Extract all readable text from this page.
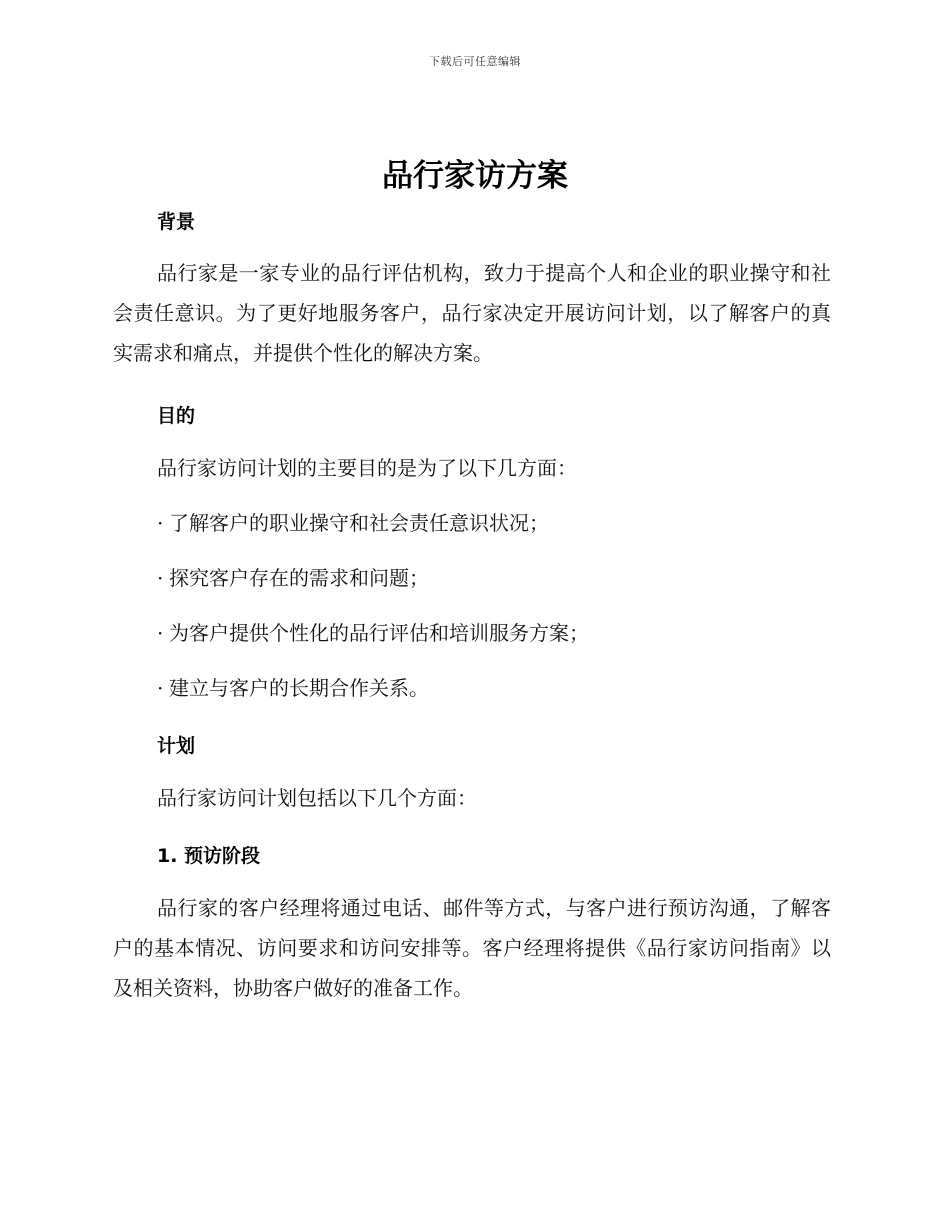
下载后可任意编辑
品行家访方案
背景
品行家是一家专业的品行评估机构，致力于提高个人和企业的职业操守和社会责任意识。为了更好地服务客户，品行家决定开展访问计划，以了解客户的真实需求和痛点，并提供个性化的解决方案。
目的
品行家访问计划的主要目的是为了以下几方面：
· 了解客户的职业操守和社会责任意识状况；
· 探究客户存在的需求和问题；
· 为客户提供个性化的品行评估和培训服务方案；
· 建立与客户的长期合作关系。
计划
品行家访问计划包括以下几个方面：
1. 预访阶段
品行家的客户经理将通过电话、邮件等方式，与客户进行预访沟通，了解客户的基本情况、访问要求和访问安排等。客户经理将提供《品行家访问指南》以及相关资料，协助客户做好的准备工作。
